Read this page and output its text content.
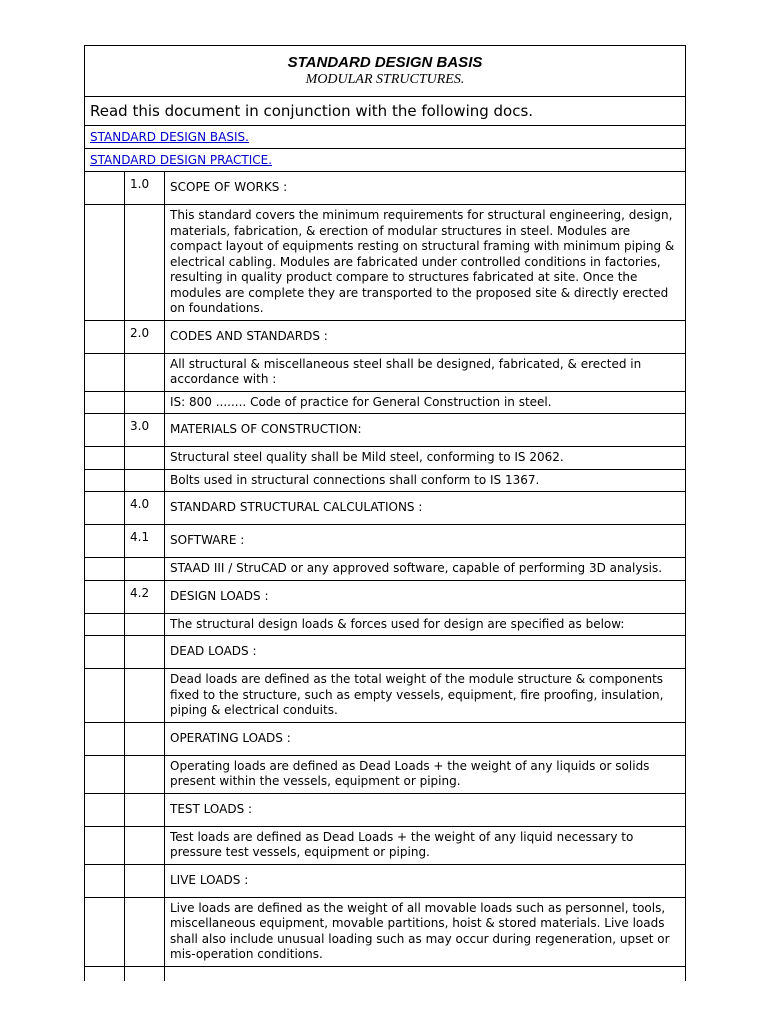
STANDARD DESIGN BASIS
MODULAR STRUCTURES.		

Read this document in conjunction with the following docs.		
STANDARD DESIGN BASIS.		
STANDARD DESIGN PRACTICE.		
	1.0	SCOPE OF WORKS :
		This standard covers the minimum requirements for structural engineering, design, materials, fabrication, & erection of modular structures in steel. Modules are compact layout of equipments resting on structural framing with minimum piping & electrical cabling. Modules are fabricated under controlled conditions in factories, resulting in quality product compare to structures fabricated at site. Once the modules are complete they are transported to the proposed site & directly erected on foundations.
	2.0	CODES AND STANDARDS :
		All structural & miscellaneous steel shall be designed, fabricated, & erected in accordance with :
		IS: 800 ........ Code of practice for General Construction in steel.
	3.0	MATERIALS OF CONSTRUCTION:
		Structural steel quality shall be Mild steel, conforming to IS 2062.
		Bolts used in structural connections shall conform to IS 1367.
	4.0	STANDARD STRUCTURAL CALCULATIONS :
	4.1	SOFTWARE :
		STAAD III / StruCAD or any approved software, capable of performing 3D analysis.
	4.2	DESIGN LOADS :
		The structural design loads & forces used for design are specified as below:
		DEAD LOADS :
		Dead loads are defined as the total weight of the module structure & components fixed to the structure, such as empty vessels, equipment, fire proofing, insulation, piping & electrical conduits.
		OPERATING LOADS :
		Operating loads are defined as Dead Loads + the weight of any liquids or solids present within the vessels, equipment or piping.
		TEST LOADS :
		Test loads are defined as Dead Loads + the weight of any liquid necessary to pressure test vessels, equipment or piping.
		LIVE LOADS :
		Live loads are defined as the weight of all movable loads such as personnel, tools, miscellaneous equipment, movable partitions, hoist & stored materials. Live loads shall also include unusual loading such as may occur during regeneration, upset or mis-operation conditions.
